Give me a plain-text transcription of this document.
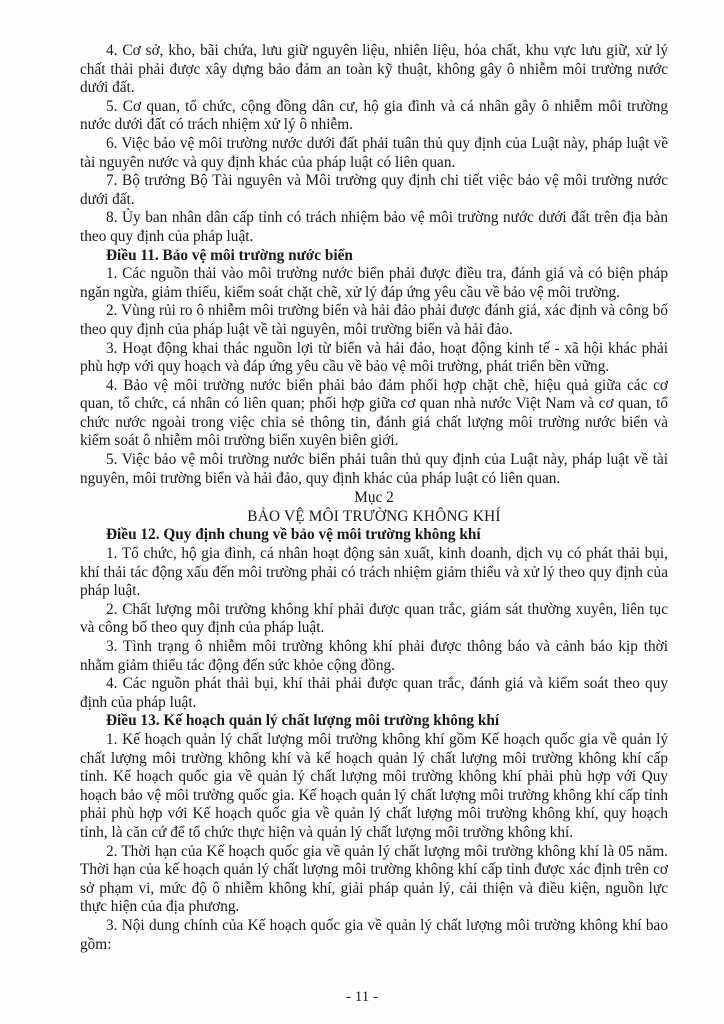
4. Cơ sở, kho, bãi chứa, lưu giữ nguyên liệu, nhiên liệu, hóa chất, khu vực lưu giữ, xử lý chất thải phải được xây dựng bảo đảm an toàn kỹ thuật, không gây ô nhiễm môi trường nước dưới đất.

5. Cơ quan, tổ chức, cộng đồng dân cư, hộ gia đình và cá nhân gây ô nhiễm môi trường nước dưới đất có trách nhiệm xử lý ô nhiễm.

6. Việc bảo vệ môi trường nước dưới đất phải tuân thủ quy định của Luật này, pháp luật về tài nguyên nước và quy định khác của pháp luật có liên quan.

7. Bộ trưởng Bộ Tài nguyên và Môi trường quy định chi tiết việc bảo vệ môi trường nước dưới đất.

8. Ủy ban nhân dân cấp tỉnh có trách nhiệm bảo vệ môi trường nước dưới đất trên địa bàn theo quy định của pháp luật.

Điều 11. Bảo vệ môi trường nước biển

1. Các nguồn thải vào môi trường nước biển phải được điều tra, đánh giá và có biện pháp ngăn ngừa, giảm thiểu, kiểm soát chặt chẽ, xử lý đáp ứng yêu cầu về bảo vệ môi trường.

2. Vùng rủi ro ô nhiễm môi trường biển và hải đảo phải được đánh giá, xác định và công bố theo quy định của pháp luật về tài nguyên, môi trường biển và hải đảo.

3. Hoạt động khai thác nguồn lợi từ biển và hải đảo, hoạt động kinh tế - xã hội khác phải phù hợp với quy hoạch và đáp ứng yêu cầu về bảo vệ môi trường, phát triển bền vững.

4. Bảo vệ môi trường nước biển phải bảo đảm phối hợp chặt chẽ, hiệu quả giữa các cơ quan, tổ chức, cá nhân có liên quan; phối hợp giữa cơ quan nhà nước Việt Nam và cơ quan, tổ chức nước ngoài trong việc chia sẻ thông tin, đánh giá chất lượng môi trường nước biển và kiểm soát ô nhiễm môi trường biển xuyên biên giới.

5. Việc bảo vệ môi trường nước biển phải tuân thủ quy định của Luật này, pháp luật về tài nguyên, môi trường biển và hải đảo, quy định khác của pháp luật có liên quan.

Mục 2

BẢO VỆ MÔI TRƯỜNG KHÔNG KHÍ

Điều 12. Quy định chung về bảo vệ môi trường không khí

1. Tổ chức, hộ gia đình, cá nhân hoạt động sản xuất, kinh doanh, dịch vụ có phát thải bụi, khí thải tác động xấu đến môi trường phải có trách nhiệm giảm thiểu và xử lý theo quy định của pháp luật.

2. Chất lượng môi trường không khí phải được quan trắc, giám sát thường xuyên, liên tục và công bố theo quy định của pháp luật.

3. Tình trạng ô nhiễm môi trường không khí phải được thông báo và cảnh báo kịp thời nhằm giảm thiểu tác động đến sức khỏe cộng đồng.

4. Các nguồn phát thải bụi, khí thải phải được quan trắc, đánh giá và kiểm soát theo quy định của pháp luật.

Điều 13. Kế hoạch quản lý chất lượng môi trường không khí

1. Kế hoạch quản lý chất lượng môi trường không khí gồm Kế hoạch quốc gia về quản lý chất lượng môi trường không khí và kế hoạch quản lý chất lượng môi trường không khí cấp tỉnh. Kế hoạch quốc gia về quản lý chất lượng môi trường không khí phải phù hợp với Quy hoạch bảo vệ môi trường quốc gia. Kế hoạch quản lý chất lượng môi trường không khí cấp tỉnh phải phù hợp với Kế hoạch quốc gia về quản lý chất lượng môi trường không khí, quy hoạch tỉnh, là căn cứ để tổ chức thực hiện và quản lý chất lượng môi trường không khí.

2. Thời hạn của Kế hoạch quốc gia về quản lý chất lượng môi trường không khí là 05 năm. Thời hạn của kế hoạch quản lý chất lượng môi trường không khí cấp tỉnh được xác định trên cơ sở phạm vi, mức độ ô nhiễm không khí, giải pháp quản lý, cải thiện và điều kiện, nguồn lực thực hiện của địa phương.

3. Nội dung chính của Kế hoạch quốc gia về quản lý chất lượng môi trường không khí bao gồm:

- 11 -
